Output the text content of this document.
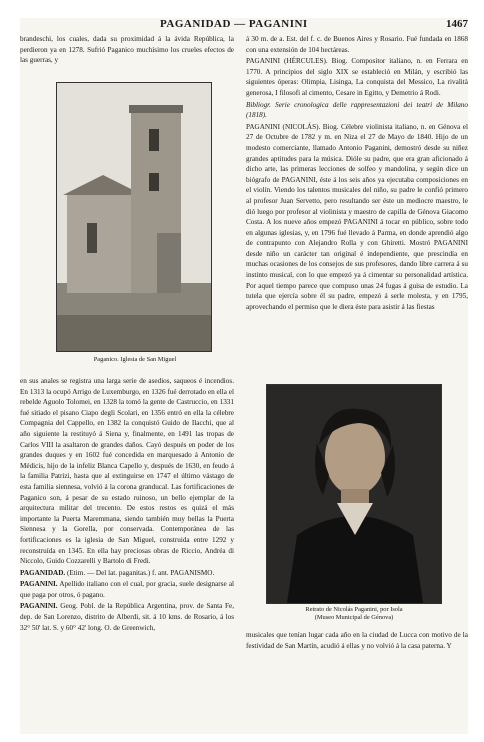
PAGANIDAD — PAGANINI	1467

brandeschi, los cuales, dada su proximidad á la ávida República, la perdieron ya en 1278. Sufrió Paganico muchísimo los crueles efectos de las guerras, y

Paganico. Iglesia de San Miguel

en sus anales se registra una larga serie de asedios, saqueos é incendios. En 1313 la ocupó Arrigo de Luxemburgo, en 1326 fué derrotado en ella el rebelde Aguolo Tolomei, en 1328 la tomó la gente de Castruccio, en 1331 fué sitiado el pisano Ciapo degli Scolari, en 1356 entró en ella la célebre Compagnia del Cappello, en 1382 la conquistó Guido de Ilacchi, que al año siguiente la restituyó á Siena y, finalmente, en 1491 las tropas de Carlos VIII la asaltaron de grandes daños. Cayó después en poder de los grandes duques y en 1602 fué concedida en marquesado á Antonio de Médicis, hijo de la infeliz Blanca Capello y, después de 1630, en feudo á la familia Patrizi, hasta que al extinguirse en 1747 el último vástago de esta familia siennesa, volvió á la corona granducal. Las fortificaciones de Paganico son, á pesar de su estado ruinoso, un bello ejemplar de la arquitectura militar del trecento. De estos restos es quizá el más importante la Puerta Maremmana, siendo también muy bellas la Puerta Siennesa y la Gorella, por conservada. Contemporánea de las fortificaciones es la iglesia de San Miguel, construida entre 1292 y reconstruída en 1345. En ella hay preciosas obras de Riccio, Andréa di Niccolo, Guido Cozzarelli y Bartolo di Fredi.

PAGANIDAD. (Etim. — Del lat. paganitas.) f. ant. PAGANISMO.

PAGANINI. Apellido italiano con el cual, por gracia, suele designarse al que paga por otros, ó pagano.

PAGANINI. Geog. Pobl. de la República Argentina, prov. de Santa Fe, dep. de San Lorenzo, distrito de Alberdi, sit. á 10 kms. de Rosario, á los 32° 50' lat. S. y 60° 42' long. O. de Greenwich,

á 30 m. de a. Est. del f. c. de Buenos Aires y Rosario. Fué fundada en 1868 con una extensión de 104 hectáreas.

PAGANINI (HÉRCULES). Biog. Compositor italiano, n. en Ferrara en 1770. A principios del siglo XIX se estableció en Milán, y escribió las siguientes óperas: Olimpia, Lisinga, La conquista del Messico, La rivalità generosa, I filosofi al cimento, Cesare in Egitto, y Demetrio á Rodi.

Bibliogr. Serie cronologica delle rappresentazioni dei teatri de Milano (1818).

PAGANINI (NICOLÁS). Biog. Célebre violinista italiano, n. en Génova el 27 de Octubre de 1782 y m. en Niza el 27 de Mayo de 1840. Hijo de un modesto comerciante, llamado Antonio Paganini, demostró desde su niñez grandes aptitudes para la música. Dióle su padre, que era gran aficionado á dicho arte, las primeras lecciones de solfeo y mandolina, y según dice un biógrafo de PAGANINI, éste á los seis años ya ejecutaba composiciones en el violín. Viendo los talentos musicales del niño, su padre le confió primero al profesor Juan Servetto, pero resultando ser éste un mediocre maestro, le dió luego por profesor al violinista y maestro de capilla de Génova Giacomo Costa. A los nueve años empezó PAGANINI á tocar en público, sobre todo en algunas iglesias, y, en 1796 fué llevado á Parma, en donde aprendió algo de contrapunto con Alejandro Rolla y con Ghiretti. Mostró PAGANINI desde niño un carácter tan original é independiente, que prescindía en muchas ocasiones de los consejos de sus profesores, dando libre carrera á su instinto musical, con lo que empezó ya á cimentar su personalidad artística. Por aquel tiempo parece que compuso unas 24 fugas á guisa de estudio. La tutela que ejercía sobre él su padre, empezó á serle molesta, y en 1795, aprovechando el permiso que le diera éste para asistir á las fiestas

Retrato de Nicolás Paganini, por Isola
(Museo Municipal de Génova)

musicales que tenían lugar cada año en la ciudad de Lucca con motivo de la festividad de San Martín, acudió á ellas y no volvió á la casa paterna. Y
